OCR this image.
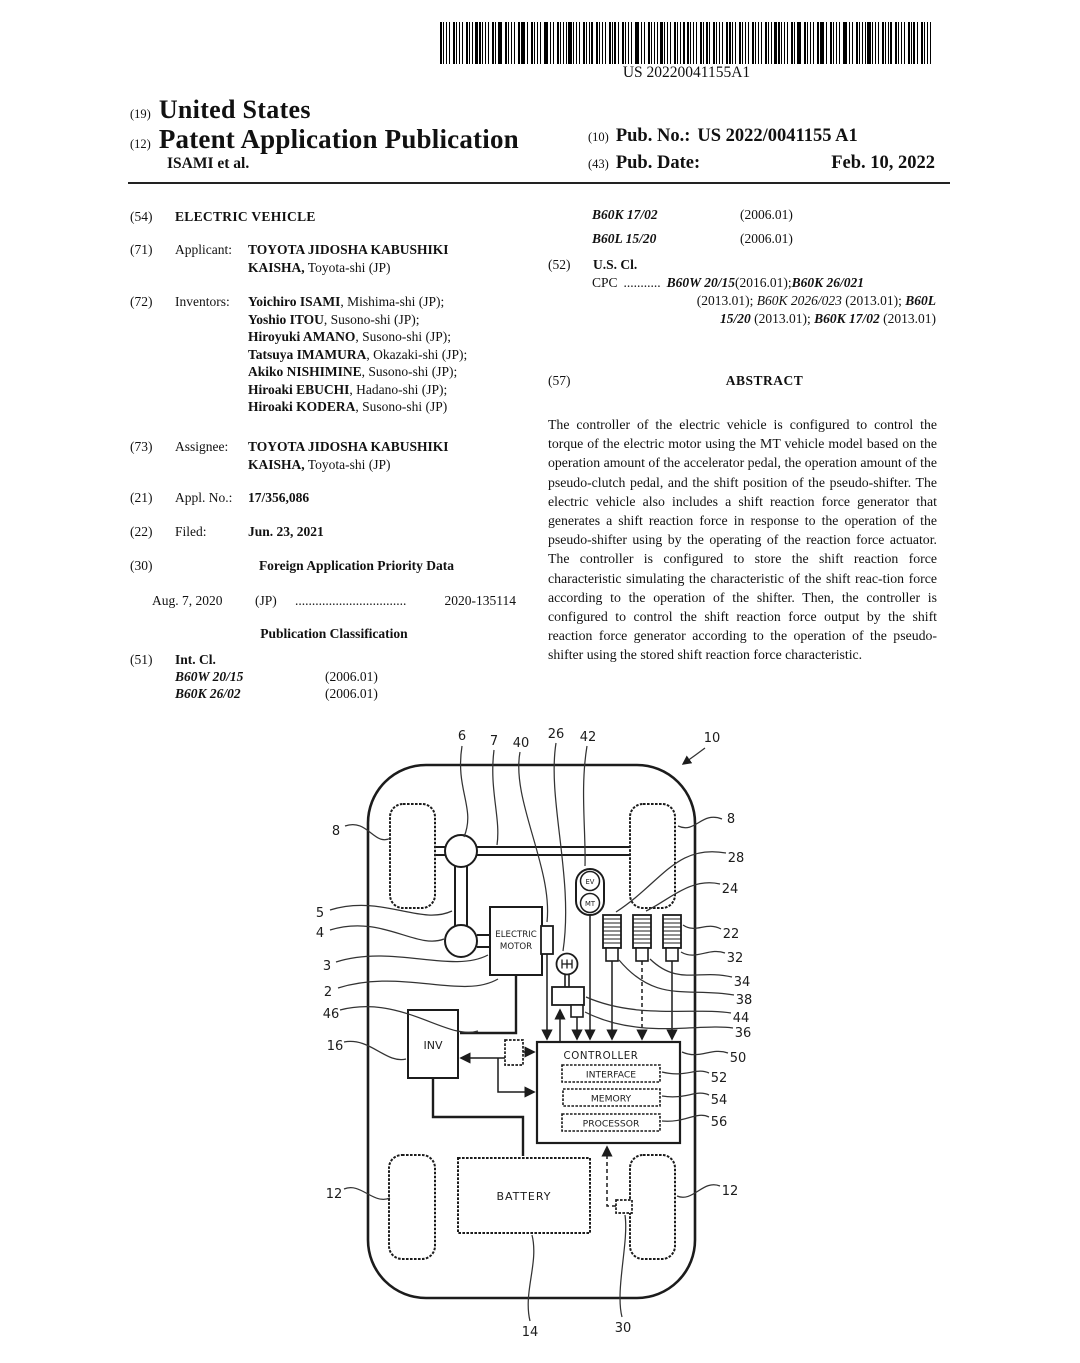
US 20220041155A1
(19) United States
(12) Patent Application Publication
ISAMI et al.
(10) Pub. No.: US 2022/0041155 A1
(43) Pub. Date:	Feb. 10, 2022
(54)	ELECTRIC VEHICLE
(71)	Applicant:	TOYOTA JIDOSHA KABUSHIKI KAISHA, Toyota-shi (JP)
(72)	Inventors:	Yoichiro ISAMI, Mishima-shi (JP);
Yoshio ITOU, Susono-shi (JP);
Hiroyuki AMANO, Susono-shi (JP);
Tatsuya IMAMURA, Okazaki-shi (JP);
Akiko NISHIMINE, Susono-shi (JP);
Hiroaki EBUCHI, Hadano-shi (JP);
Hiroaki KODERA, Susono-shi (JP)
(73)	Assignee:	TOYOTA JIDOSHA KABUSHIKI KAISHA, Toyota-shi (JP)
(21)	Appl. No.:	17/356,086
(22)	Filed:	Jun. 23, 2021
(30)	Foreign Application Priority Data
Aug. 7, 2020	(JP)	.................................	2020-135114
Publication Classification
(51)	Int. Cl.
B60W 20/15	(2006.01)
B60K 26/02	(2006.01)
B60K 17/02	(2006.01)
B60L 15/20	(2006.01)
(52)	U.S. Cl.
CPC ........... B60W 20/15 (2016.01); B60K 26/021
(2013.01); B60K 2026/023 (2013.01); B60L
15/20 (2013.01); B60K 17/02 (2013.01)
(57)	ABSTRACT
The controller of the electric vehicle is configured to control the torque of the electric motor using the MT vehicle model based on the operation amount of the accelerator pedal, the operation amount of the pseudo-clutch pedal, and the shift position of the pseudo-shifter. The electric vehicle also includes a shift reaction force generator that generates a shift reaction force in response to the operation of the pseudo-shifter using by the operating of the reaction force actuator. The controller is configured to store the shift reaction force characteristic simulating the characteristic of the shift reac-tion force according to the operation of the shifter. Then, the controller is configured to control the shift reaction force output by the shift reaction force generator according to the operation of the pseudo-shifter using the stored shift reaction force characteristic.
ELECTRIC
MOTOR
EV
MT
CONTROLLER
INTERFACE
MEMORY
PROCESSOR
INV
BATTERY
6 7 40
26 42	10
8
8
5
4
3
2
46
16
12
28
24
22
32
34
38
44
36
50
52
54
56
12
14	30
